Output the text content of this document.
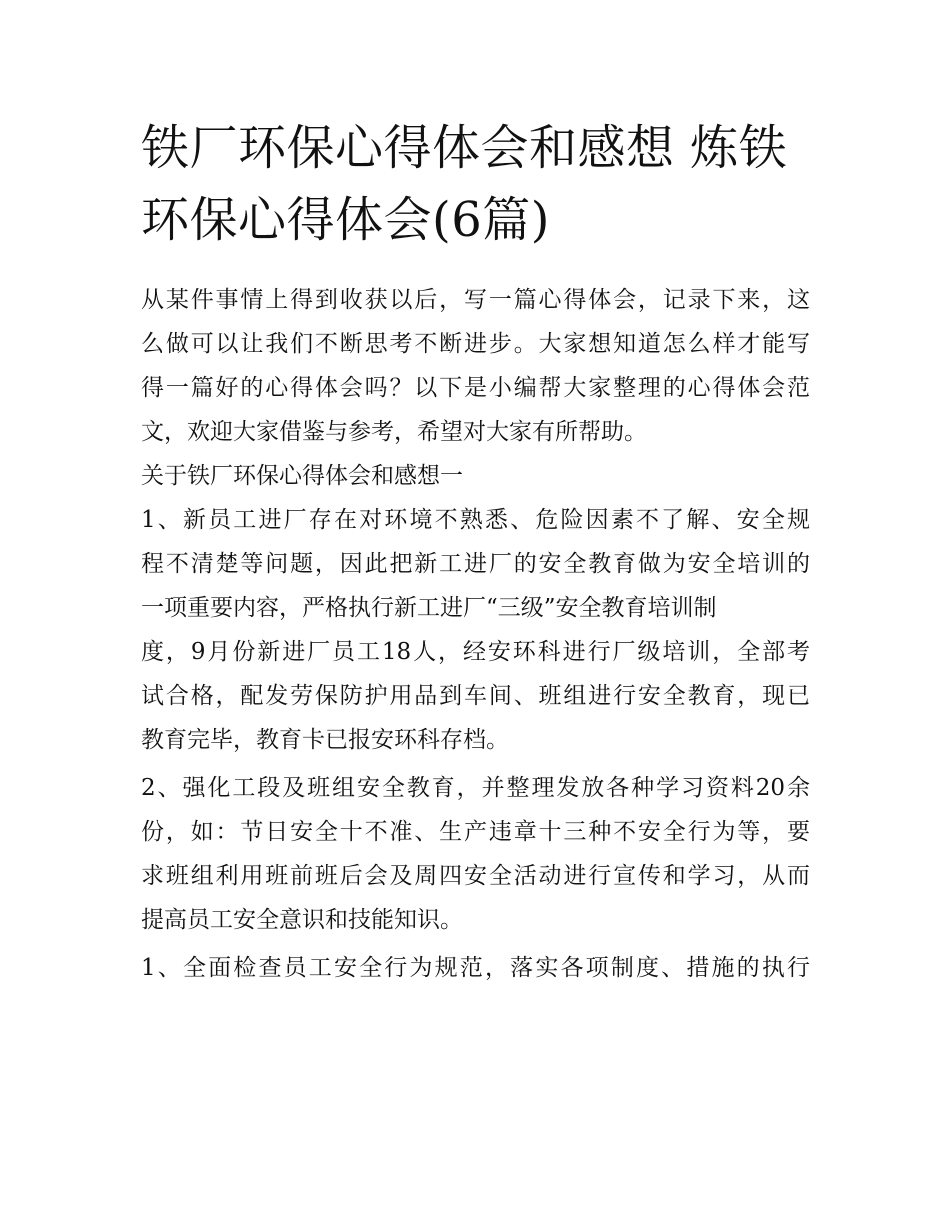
铁厂环保心得体会和感想 炼铁
环保心得体会(6篇)

从某件事情上得到收获以后，写一篇心得体会，记录下来，这
么做可以让我们不断思考不断进步。大家想知道怎么样才能写
得一篇好的心得体会吗？以下是小编帮大家整理的心得体会范
文，欢迎大家借鉴与参考，希望对大家有所帮助。

关于铁厂环保心得体会和感想一

1、新员工进厂存在对环境不熟悉、危险因素不了解、安全规
程不清楚等问题，因此把新工进厂的安全教育做为安全培训的
一项重要内容，严格执行新工进厂“三级”安全教育培训制
度，9月份新进厂员工18人，经安环科进行厂级培训，全部考
试合格，配发劳保防护用品到车间、班组进行安全教育，现已
教育完毕，教育卡已报安环科存档。

2、强化工段及班组安全教育，并整理发放各种学习资料20余
份，如：节日安全十不准、生产违章十三种不安全行为等，要
求班组利用班前班后会及周四安全活动进行宣传和学习，从而
提高员工安全意识和技能知识。

1、全面检查员工安全行为规范，落实各项制度、措施的执行
